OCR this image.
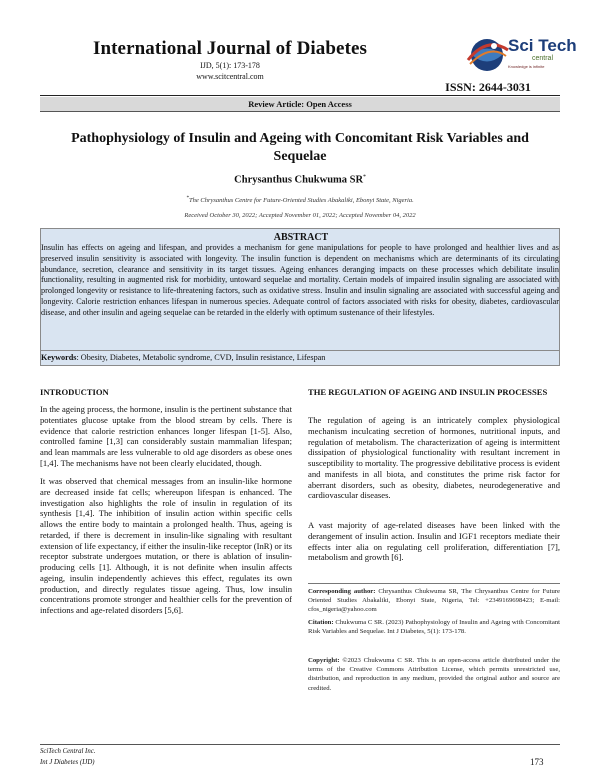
International Journal of Diabetes
IJD, 5(1): 173-178
www.scitcentral.com
Sci Tech
central
Knowledge is infinite
ISSN: 2644-3031
Review Article: Open Access
Pathophysiology of Insulin and Ageing with Concomitant Risk Variables and Sequelae
Chrysanthus Chukwuma SR*
*The Chrysanthus Centre for Future-Oriented Studies Abakaliki, Ebonyi State, Nigeria.
Received October 30, 2022; Accepted November 01, 2022; Accepted November 04, 2022
ABSTRACT
Insulin has effects on ageing and lifespan, and provides a mechanism for gene manipulations for people to have prolonged and healthier lives and as preserved insulin sensitivity is associated with longevity. The insulin function is dependent on mechanisms which are determinants of its circulating abundance, secretion, clearance and sensitivity in its target tissues. Ageing enhances deranging impacts on these processes which debilitate insulin functionality, resulting in augmented risk for morbidity, untoward sequelae and mortality. Certain models of impaired insulin signaling are associated with prolonged longevity or resistance to life-threatening factors, such as oxidative stress. Insulin and insulin signaling are associated with successful ageing and longevity. Calorie restriction enhances lifespan in numerous species. Adequate control of factors associated with risks for obesity, diabetes, cardiovascular disease, and other insulin and ageing sequelae can be retarded in the elderly with optimum sustenance of their lifestyles.
Keywords: Obesity, Diabetes, Metabolic syndrome, CVD, Insulin resistance, Lifespan
INTRODUCTION
In the ageing process, the hormone, insulin is the pertinent substance that potentiates glucose uptake from the blood stream by cells. There is evidence that calorie restriction enhances longer lifespan [1-5]. Also, controlled famine [1,3] can considerably sustain mammalian lifespan; and lean mammals are less vulnerable to old age disorders as obese ones [1,4]. The mechanisms have not been clearly elucidated, though.
It was observed that chemical messages from an insulin-like hormone are decreased inside fat cells; whereupon lifespan is enhanced. The investigation also highlights the role of insulin in regulation of its synthesis [1,4]. The inhibition of insulin action within specific cells allows the entire body to maintain a prolonged health. Thus, ageing is retarded, if there is decrement in insulin-like signaling with resultant extension of life expectancy, if either the insulin-like receptor (InR) or its receptor substrate undergoes mutation, or there is ablation of insulin-producing cells [1]. Although, it is not definite when insulin affects ageing, insulin independently achieves this effect, regulates its own production, and directly regulates tissue ageing. Thus, low insulin concentrations promote stronger and healthier cells for the prevention of infections and age-related disorders [5,6].
THE REGULATION OF AGEING AND INSULIN PROCESSES
The regulation of ageing is an intricately complex physiological mechanism inculcating secretion of hormones, nutritional inputs, and regulation of metabolism. The characterization of ageing is intermittent dissipation of physiological functionality with resultant increment in susceptibility to mortality. The progressive debilitative process is evident and manifests in all biota, and constitutes the prime risk factor for aberrant disorders, such as obesity, diabetes, neurodegenerative and cardiovascular diseases.
A vast majority of age-related diseases have been linked with the derangement of insulin action. Insulin and IGF1 receptors mediate their effects inter alia on regulating cell proliferation, differentiation [7], metabolism and growth [6].
Corresponding author: Chrysanthus Chukwuma SR, The Chrysanthus Centre for Future Oriented Studies Abakaliki, Ebonyi State, Nigeria, Tel: +2349169698423; E-mail: cfos_nigeria@yahoo.com
Citation: Chukwuma C SR. (2023) Pathophysiology of Insulin and Ageing with Concomitant Risk Variables and Sequelae. Int J Diabetes, 5(1): 173-178.
Copyright: ©2023 Chukwuma C SR. This is an open-access article distributed under the terms of the Creative Commons Attribution License, which permits unrestricted use, distribution, and reproduction in any medium, provided the original author and source are credited.
SciTech Central Inc.
Int J Diabetes (IJD)	173
